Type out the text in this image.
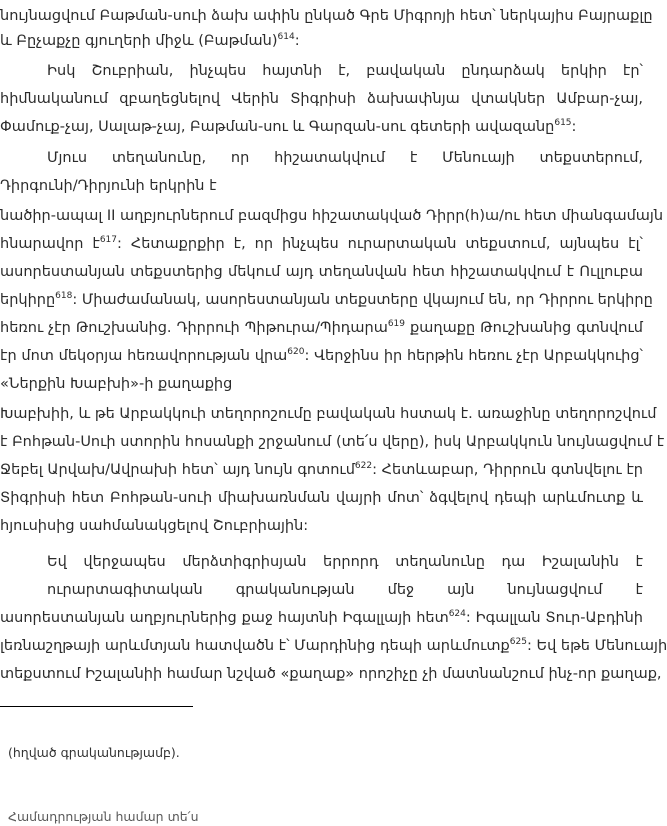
նույնացվում Բաթման-սուի ձախ ափին ընկած Գրե Միգրոյի հետ՝ ներկայիս Բայրաքլը
և Բըչաքչը գյուղերի միջև (Բաթման)$^{614}$:
Իսկ Շուբրիան, ինչպես հայտնի է, բավական ընդարձակ երկիր էր՝
հիմնականում զբաղեցնելով Վերին Տիգրիսի ձախափնյա վտակներ Ամբար-չայ,
Փամուք-չայ, Սալաթ-չայ, Բաթման-սու և Գարզան-սու գետերի ավազանը$^{615}$:
Մյուս տեղանունը, որ հիշատակվում է Մենուայի տեքստերում,
Դիրգունի/Դիրյունի երկրին է
նածիր-ապալ II աղբյուրներում բազմիցս հիշատակված Դիրր(հ)ա/ու հետ միանգամայն
հնարավոր է$^{617}$: Հետաքրքիր է, որ ինչպես ուրարտական տեքստում, այնպես էլ՝
ասորեստանյան տեքստերից մեկում այդ տեղանվան հետ հիշատակվում է Ուլլուբա
երկիրը$^{618}$: Միաժամանակ, ասորեստանյան տեքստերը վկայում են, որ Դիրրու երկիրը
հեռու չէր Թուշխանից. Դիրրուի Պիթուրա/Պիդարա$^{619}$ քաղաքը Թուշխանից գտնվում
էր մոտ մեկօրյա հեռավորության վրա$^{620}$: Վերջինս իր հերթին հեռու չէր Արբակկուից՝
«Ներքին Խաբխի»-ի քաղաքից
Խաբխիի, և թե Արբակկուի տեղորոշումը բավական հստակ է. առաջինը տեղորոշվում
է Բոհթան-Սուի ստորին հոսանքի շրջանում (տե՛ս վերը), իսկ Արբակկուն նույնացվում է
Ջեբել Արվախ/Ավրախի հետ՝ այդ նույն գոտում$^{622}$: Հետևաբար, Դիրրուն գտնվելու էր
Տիգրիսի հետ Բոհթան-սուի միախառնման վայրի մոտ՝ ձգվելով դեպի արևմուտք և
հյուսիսից սահմանակցելով Շուբրիային:
Եվ վերջապես մերձտիգրիսյան երրորդ տեղանունը դա Իշալանին է
ուրարտագիտական գրականության մեջ այն նույնացվում է
ասորեստանյան աղբյուրներից քաջ հայտնի Իգալլայի հետ$^{624}$: Իգալլան Տուր-Աբդինի
լեռնաշղթայի արևմտյան հատվածն է՝ Մարդինից դեպի արևմուտք$^{625}$: Եվ եթե Մենուայի
տեքստում Իշալանիի համար նշված «քաղաք» որոշիչը չի մատնանշում ինչ-որ քաղաք,
(հղված գրականությամբ).
Համադրության համար տե՛ս
